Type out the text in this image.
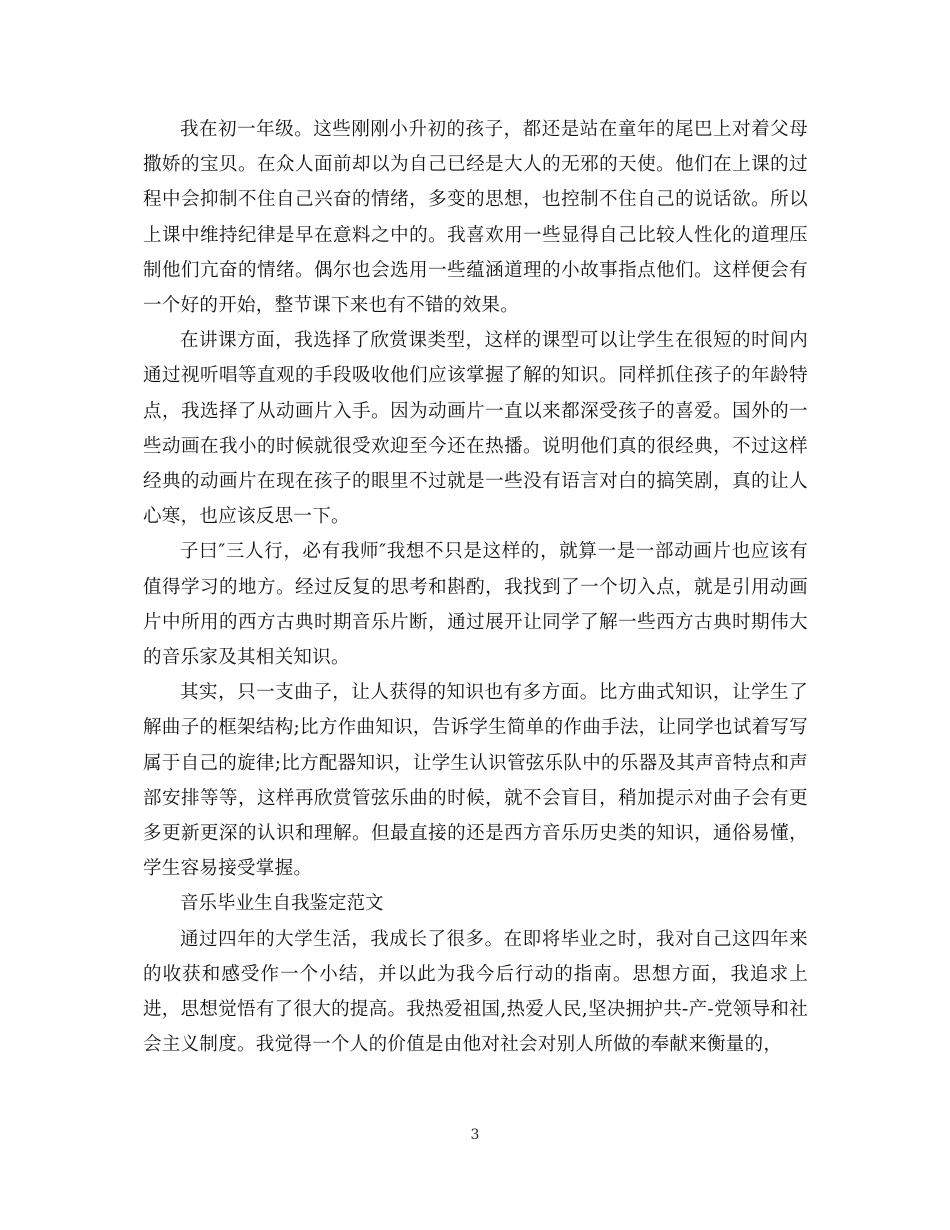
我在初一年级。这些刚刚小升初的孩子，都还是站在童年的尾巴上对着父母撒娇的宝贝。在众人面前却以为自己已经是大人的无邪的天使。他们在上课的过程中会抑制不住自己兴奋的情绪，多变的思想，也控制不住自己的说话欲。所以上课中维持纪律是早在意料之中的。我喜欢用一些显得自己比较人性化的道理压制他们亢奋的情绪。偶尔也会选用一些蕴涵道理的小故事指点他们。这样便会有一个好的开始，整节课下来也有不错的效果。

在讲课方面，我选择了欣赏课类型，这样的课型可以让学生在很短的时间内通过视听唱等直观的手段吸收他们应该掌握了解的知识。同样抓住孩子的年龄特点，我选择了从动画片入手。因为动画片一直以来都深受孩子的喜爱。国外的一些动画在我小的时候就很受欢迎至今还在热播。说明他们真的很经典，不过这样经典的动画片在现在孩子的眼里不过就是一些没有语言对白的搞笑剧，真的让人心寒，也应该反思一下。

子曰″三人行，必有我师″我想不只是这样的，就算一是一部动画片也应该有值得学习的地方。经过反复的思考和斟酌，我找到了一个切入点，就是引用动画片中所用的西方古典时期音乐片断，通过展开让同学了解一些西方古典时期伟大的音乐家及其相关知识。

其实，只一支曲子，让人获得的知识也有多方面。比方曲式知识，让学生了解曲子的框架结构;比方作曲知识，告诉学生简单的作曲手法，让同学也试着写写属于自己的旋律;比方配器知识，让学生认识管弦乐队中的乐器及其声音特点和声部安排等等，这样再欣赏管弦乐曲的时候，就不会盲目，稍加提示对曲子会有更多更新更深的认识和理解。但最直接的还是西方音乐历史类的知识，通俗易懂，学生容易接受掌握。

音乐毕业生自我鉴定范文

通过四年的大学生活，我成长了很多。在即将毕业之时，我对自己这四年来的收获和感受作一个小结，并以此为我今后行动的指南。思想方面，我追求上进，思想觉悟有了很大的提高。我热爱祖国,热爱人民,坚决拥护共-产-党领导和社会主义制度。我觉得一个人的价值是由他对社会对别人所做的奉献来衡量的，

3
